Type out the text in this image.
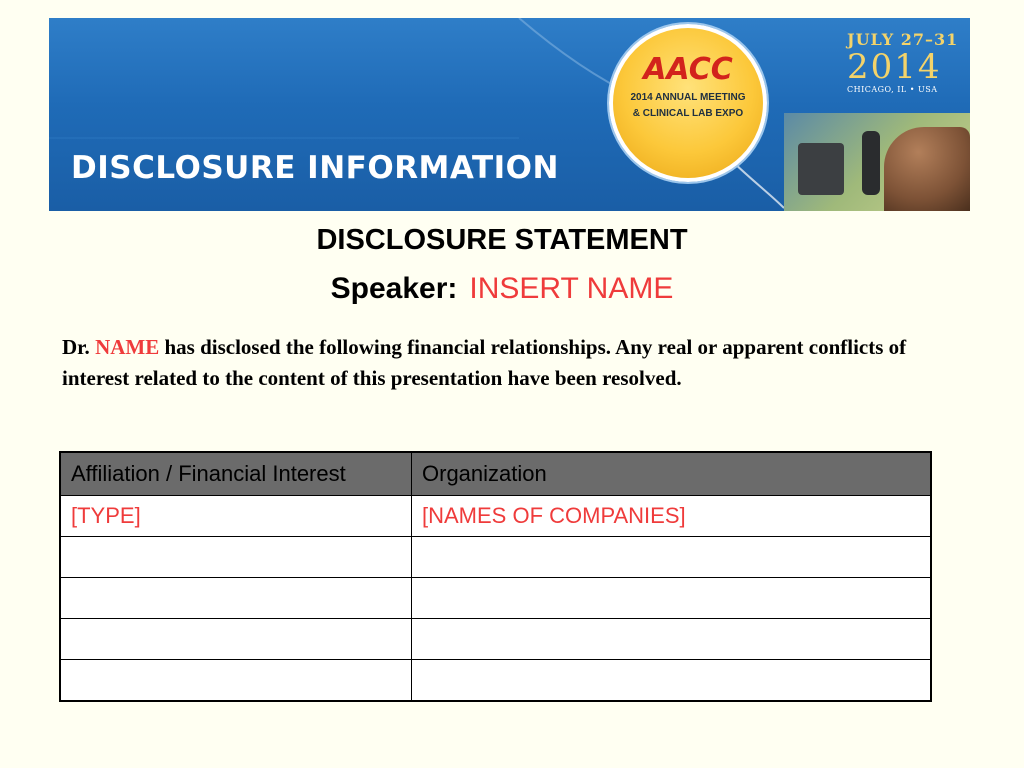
AACC
2014 ANNUAL MEETING
& CLINICAL LAB EXPO
JULY 27–31
2014
CHICAGO, IL • USA
DISCLOSURE INFORMATION
DISCLOSURE STATEMENT
Speaker: INSERT NAME
Dr. NAME has disclosed the following financial relationships. Any real or apparent conflicts of interest related to the content of this presentation have been resolved.
Affiliation / Financial Interest	Organization
[TYPE]	[NAMES OF COMPANIES]
